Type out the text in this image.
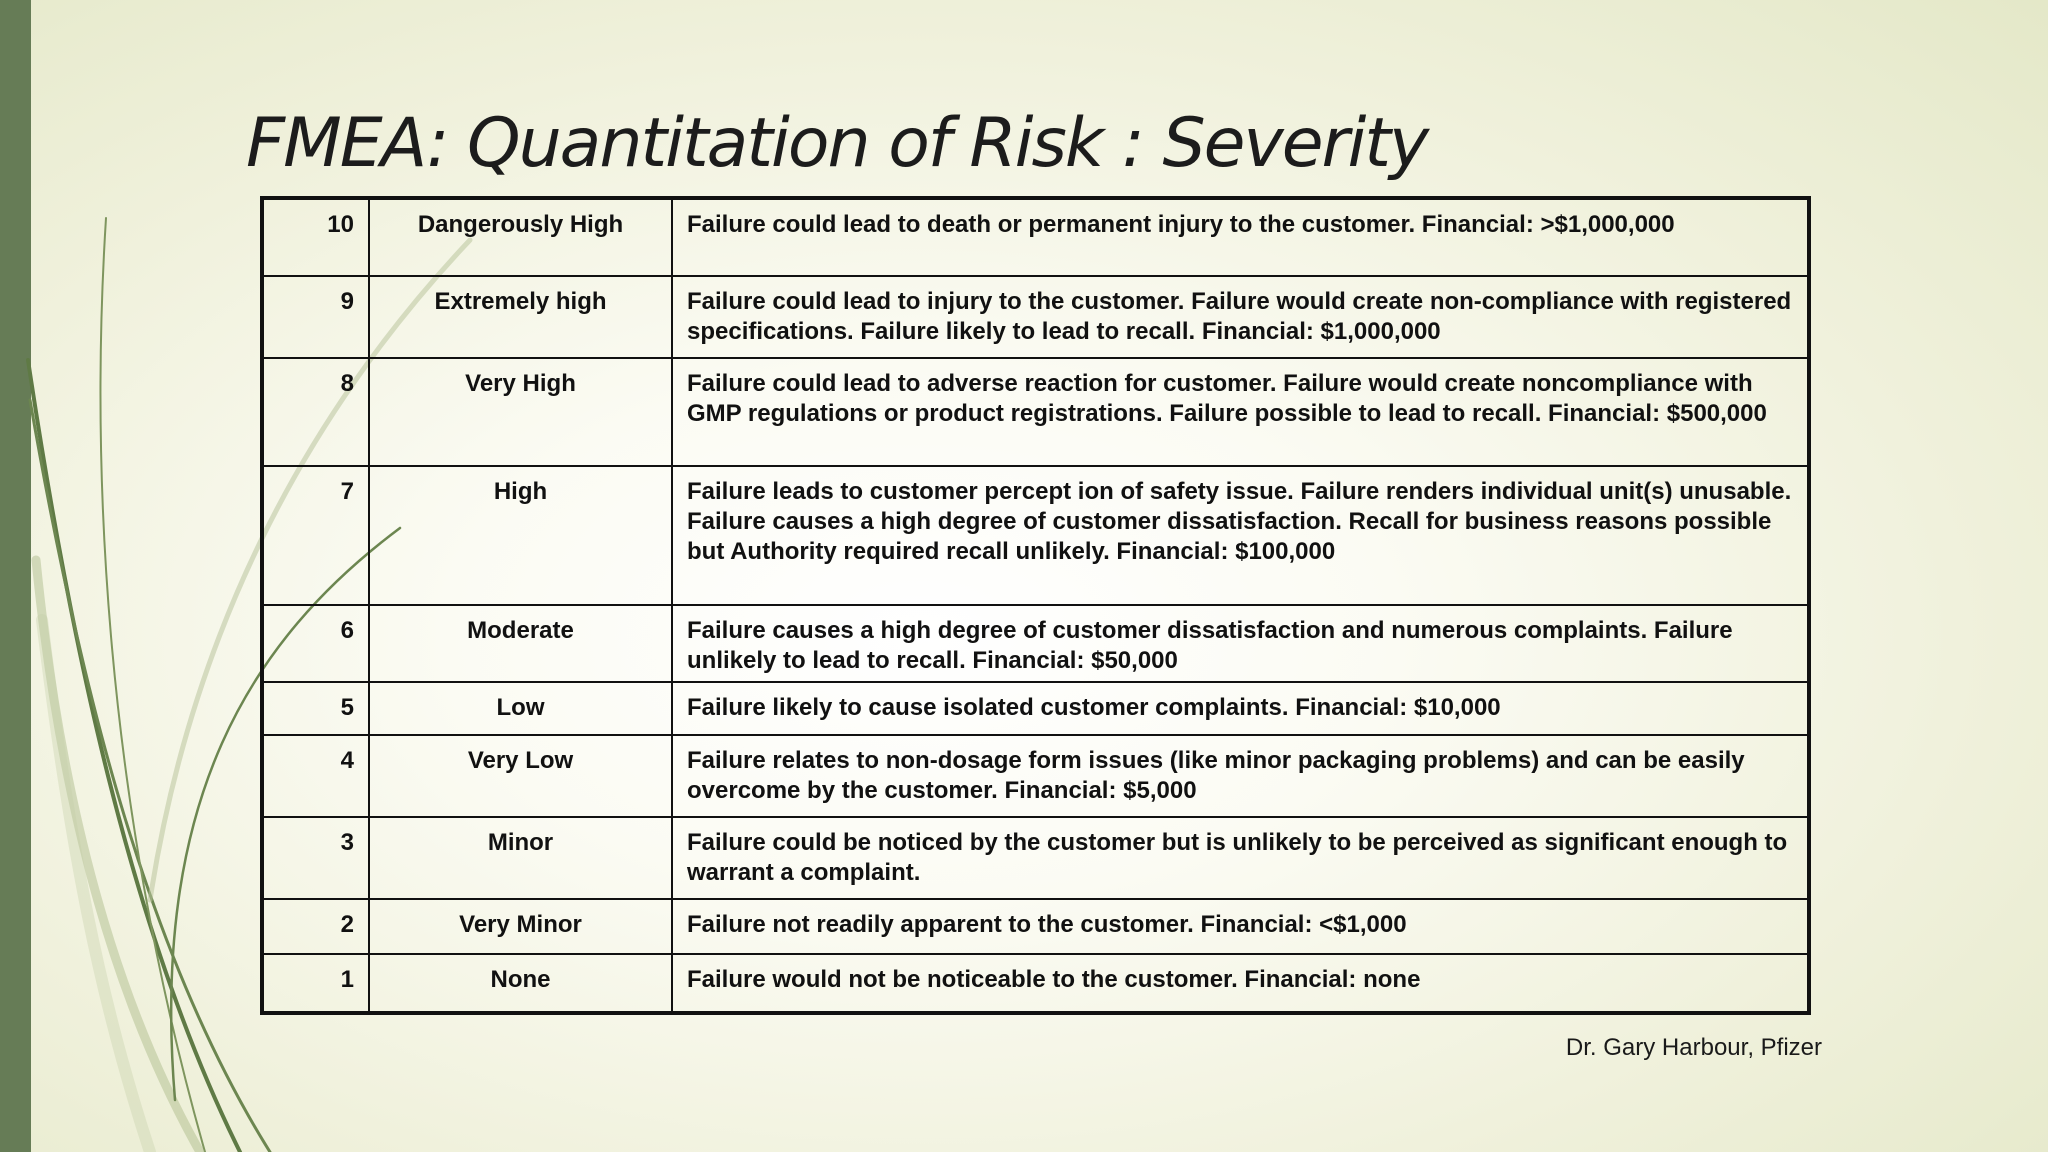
FMEA: Quantitation of Risk : Severity
10	Dangerously High	Failure could lead to death or permanent injury to the customer. Financial: >$1,000,000
9	Extremely high	Failure could lead to injury to the customer. Failure would create non-compliance with registered specifications. Failure likely to lead to recall. Financial: $1,000,000
8	Very High	Failure could lead to adverse reaction for customer. Failure would create noncompliance with GMP regulations or product registrations. Failure possible to lead to recall. Financial: $500,000
7	High	Failure leads to customer percept ion of safety issue. Failure renders individual unit(s) unusable. Failure causes a high degree of customer dissatisfaction. Recall for business reasons possible but Authority required recall unlikely. Financial: $100,000
6	Moderate	Failure causes a high degree of customer dissatisfaction and numerous complaints. Failure unlikely to lead to recall. Financial: $50,000
5	Low	Failure likely to cause isolated customer complaints. Financial: $10,000
4	Very Low	Failure relates to non-dosage form issues (like minor packaging problems) and can be easily overcome by the customer. Financial: $5,000
3	Minor	Failure could be noticed by the customer but is unlikely to be perceived as significant enough to warrant a complaint.
2	Very Minor	Failure not readily apparent to the customer. Financial: <$1,000
1	None	Failure would not be noticeable to the customer. Financial: none
Dr. Gary Harbour, Pfizer
